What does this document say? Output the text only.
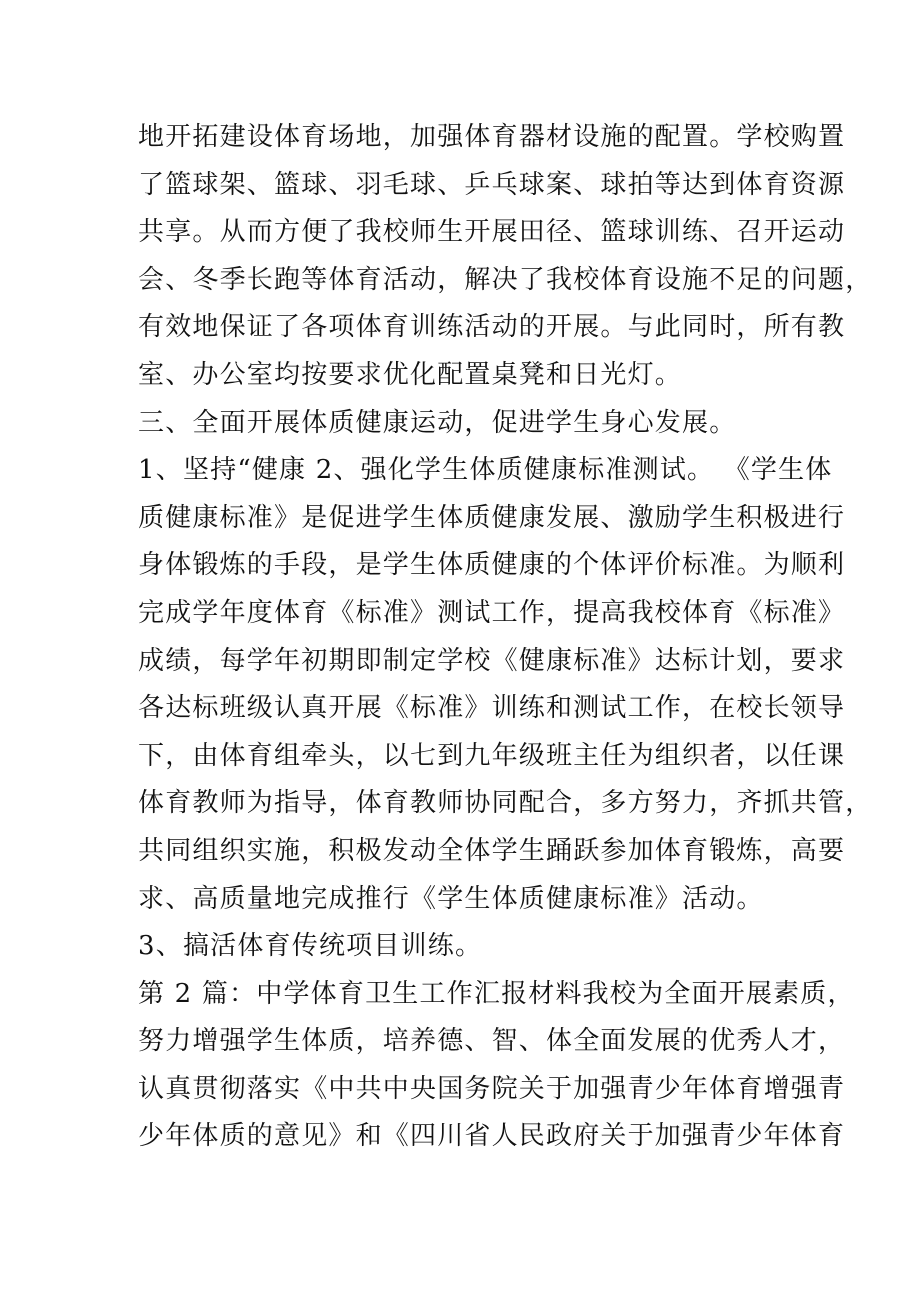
地开拓建设体育场地，加强体育器材设施的配置。学校购置
了篮球架、篮球、羽毛球、乒乓球案、球拍等达到体育资源
共享。从而方便了我校师生开展田径、篮球训练、召开运动
会、冬季长跑等体育活动，解决了我校体育设施不足的问题，
有效地保证了各项体育训练活动的开展。与此同时，所有教
室、办公室均按要求优化配置桌凳和日光灯。
三、全面开展体质健康运动，促进学生身心发展。
1、坚持“健康 2、强化学生体质健康标准测试。 《学生体
质健康标准》是促进学生体质健康发展、激励学生积极进行
身体锻炼的手段，是学生体质健康的个体评价标准。为顺利
完成学年度体育《标准》测试工作，提高我校体育《标准》
成绩，每学年初期即制定学校《健康标准》达标计划，要求
各达标班级认真开展《标准》训练和测试工作，在校长领导
下，由体育组牵头，以七到九年级班主任为组织者，以任课
体育教师为指导，体育教师协同配合，多方努力，齐抓共管，
共同组织实施，积极发动全体学生踊跃参加体育锻炼，高要
求、高质量地完成推行《学生体质健康标准》活动。
3、搞活体育传统项目训练。
第 2 篇：中学体育卫生工作汇报材料我校为全面开展素质，
努力增强学生体质，培养德、智、体全面发展的优秀人才，
认真贯彻落实《中共中央国务院关于加强青少年体育增强青
少年体质的意见》和《四川省人民政府关于加强青少年体育
